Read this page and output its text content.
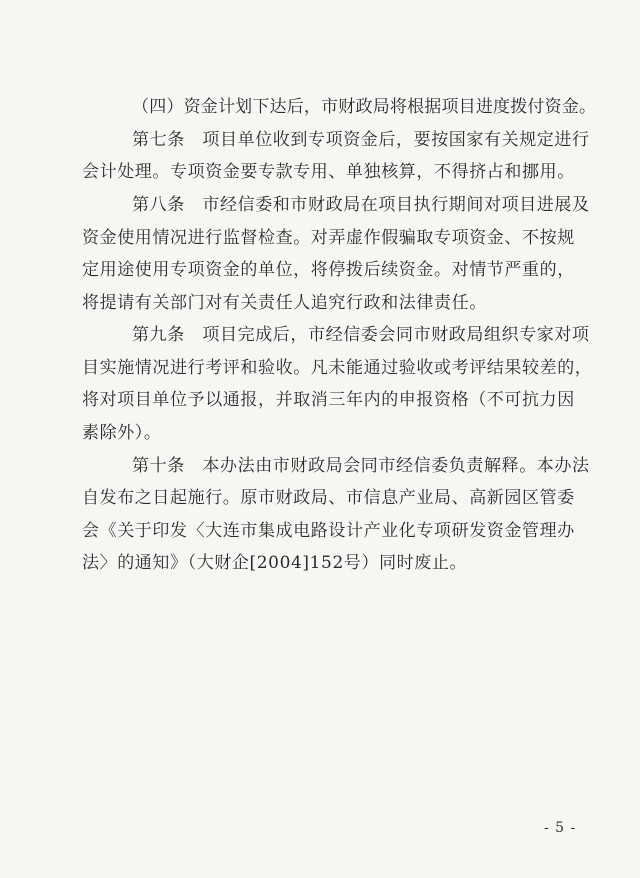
（四）资金计划下达后，市财政局将根据项目进度拨付资金。
第七条　项目单位收到专项资金后，要按国家有关规定进行
会计处理。专项资金要专款专用、单独核算，不得挤占和挪用。
第八条　市经信委和市财政局在项目执行期间对项目进展及
资金使用情况进行监督检查。对弄虚作假骗取专项资金、不按规
定用途使用专项资金的单位，将停拨后续资金。对情节严重的，
将提请有关部门对有关责任人追究行政和法律责任。
第九条　项目完成后，市经信委会同市财政局组织专家对项
目实施情况进行考评和验收。凡未能通过验收或考评结果较差的，
将对项目单位予以通报，并取消三年内的申报资格（不可抗力因
素除外）。
第十条　本办法由市财政局会同市经信委负责解释。本办法
自发布之日起施行。原市财政局、市信息产业局、高新园区管委
会《关于印发〈大连市集成电路设计产业化专项研发资金管理办
法〉的通知》（大财企[2004]152号）同时废止。
- 5 -
